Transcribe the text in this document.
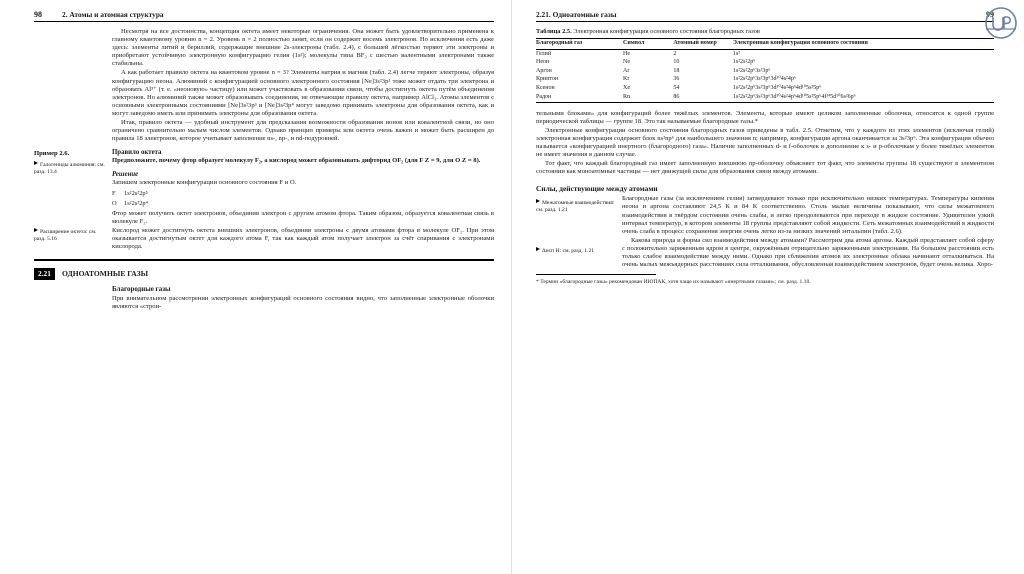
98	2. Атомы и атомная структура

Несмотря на все достоинства, концепция октета имеет некоторые ограничения. Она может быть удовлетворительно применена к главному квантовому уровню n = 2. Уровень n = 2 полностью занят, если он содержит восемь электронов. Но исключения есть даже здесь: элементы литий и бериллий, содержащие внешние 2s-электроны (табл. 2.4), с большей лёгкостью теряют эти электроны и приобретают устойчивую электронную конфигурацию гелия (1s²); молекулы типа BF₃ с шестью валентными электронами также стабильны.

А как работает правило октета на квантовом уровне n = 3? Элементы натрия и магния (табл. 2.4) легче теряют электроны, образуя конфигурацию неона. Алюминий с конфигурацией основного электронного состояния [Ne]3s²3p¹ тоже может отдать три электрона и образовать Al³⁺ (т. е. «неоновую» частицу) или может участвовать в образовании связи, чтобы достигнуть октета путём объединения электронов. Но алюминий также может образовывать соединения, не отвечающие правилу октета, например AlCl₃. Атомы элементов с основными электронными состояниями [Ne]3s²3p³ и [Ne]3s²3p⁴ могут заведомо принимать электроны для образования октета, как и могут заведомо иметь или принимать электроны для образования октета.

Итак, правило октета — удобный инструмент для предсказания возможности образования ионов или ковалентной связи, но оно ограничено сравнительно малым числом элементов. Однако принцип примеры или октета очень важен и может быть расширен до правила 18 электронов, которое учитывает заполнение ns-, np-, и nd-подуровней.

Галогениды алюминия: см. разд. 13.4
Расширение октета: см. разд. 5.16
Пример 2.6.	Правило октета

Предположите, почему фтор образует молекулу F₂, а кислород может образовывать дифторид OF₂ (для F Z = 9, для O Z = 8).

Решение

Запишем электронные конфигурации основного состояния F и O.

F 1s²2s²2p⁵
O 1s²2s²2p⁴

Фтор может получить октет электронов, объединив электрон с другим атомом фтора. Таким образом, образуется ковалентная связь в молекуле F₂.

Кислород может достигнуть октета внешних электронов, объединив электроны с двумя атомами фтора в молекуле OF₂. При этом оказывается достигнутым октет для каждого атома F, так как каждый атом получает электрон за счёт спаривания с электронами кислорода.

2.21 ОДНОАТОМНЫЕ ГАЗЫ
Благородные газы

При внимательном рассмотрении электронных конфигураций основного состояния видно, что заполненные электронные оболочки являются «строи-

2.21. Одноатомные газы	99
Таблица 2.5. Электронная конфигурация основного состояния благородных газов
Благородный газ	Символ	Атомный номер	Электронная конфигурация основного состояния
Гелий	He	2	1s²
Неон	Ne	10	1s²2s²2p⁶
Аргон	Ar	18	1s²2s²2p⁶3s²3p⁶
Криптон	Kr	36	1s²2s²2p⁶3s²3p⁶3d¹⁰4s²4p⁶
Ксенон	Xe	54	1s²2s²2p⁶3s²3p⁶3d¹⁰4s²4p⁶4d¹⁰5s²5p⁶
Радон	Rn	86	1s²2s²2p⁶3s²3p⁶3d¹⁰4s²4p⁶4d¹⁰5s²5p⁶4f¹⁴5d¹⁰6s²6p⁶

тельными блоками» для конфигураций более тяжёлых элементов. Элементы, которые имеют целиком заполненные оболочки, относятся к одной группе периодической таблицы — группе 18. Это так называемые благородные газы.*

Электронные конфигурации основного состояния благородных газов приведены в табл. 2.5. Отметим, что у каждого из этих элементов (исключая гелий) электронная конфигурация содержит блок ns²np⁶ для наибольшего значения n; например, конфигурация аргона оканчивается за 3s²3p⁶. Эта конфигурация обычно называется «конфигурацией инертного (благородного) газа». Наличие заполненных d- и f-оболочек в дополнение к s- и p-оболочкам у более тяжёлых элементов не имеет значения в данном случае.

Тот факт, что каждый благородный газ имеет заполненную внешнюю np-оболочку объясняет тот факт, что элементы группы 18 существуют в элементном состоянии как моноатомные частицы — нет движущей силы для образования связи между атомами.

Силы, действующие между атомами

Благородные газы (за исключением гелия) затвердевают только при исключительно низких температурах. Температуры кипения неона и аргона составляют 24,5 К и 84 К соответственно. Столь малые величины показывают, что силы межатомного взаимодействия в твёрдом состоянии очень слабы, и легко преодолеваются при переходе в жидкое состояние. Удивителен узкий интервал температур, в котором элементы 18 группы представляют собой жидкости. Сеть межатомных взаимодействий в жидкости очень слаба в процесс сохранения энергии очень легко из-за низких значений энтальпии (табл. 2.6).

Какова природа и форма сил взаимодействия между атомами? Рассмотрим два атома аргона. Каждый представляет собой сферу с положительно заряженным ядром в центре, окружённым отрицательно заряженными электронами. На большом расстоянии есть только слабое взаимодействие между ними. Однако при сближении атомов их электронные облака начинают отталкиваться. На очень малых межъядерных расстояниях сила отталкивания, обусловленная взаимодействием электронов, будет очень велика. Хоро-

Межатомные взаимодействия: см. разд. 1.21
Δисп Н: см. разд. 1.21

* Термин «благородные газы» рекомендован ИЮПАК, хотя чаще их называют «инертными газами»; см. разд. 1.10.
